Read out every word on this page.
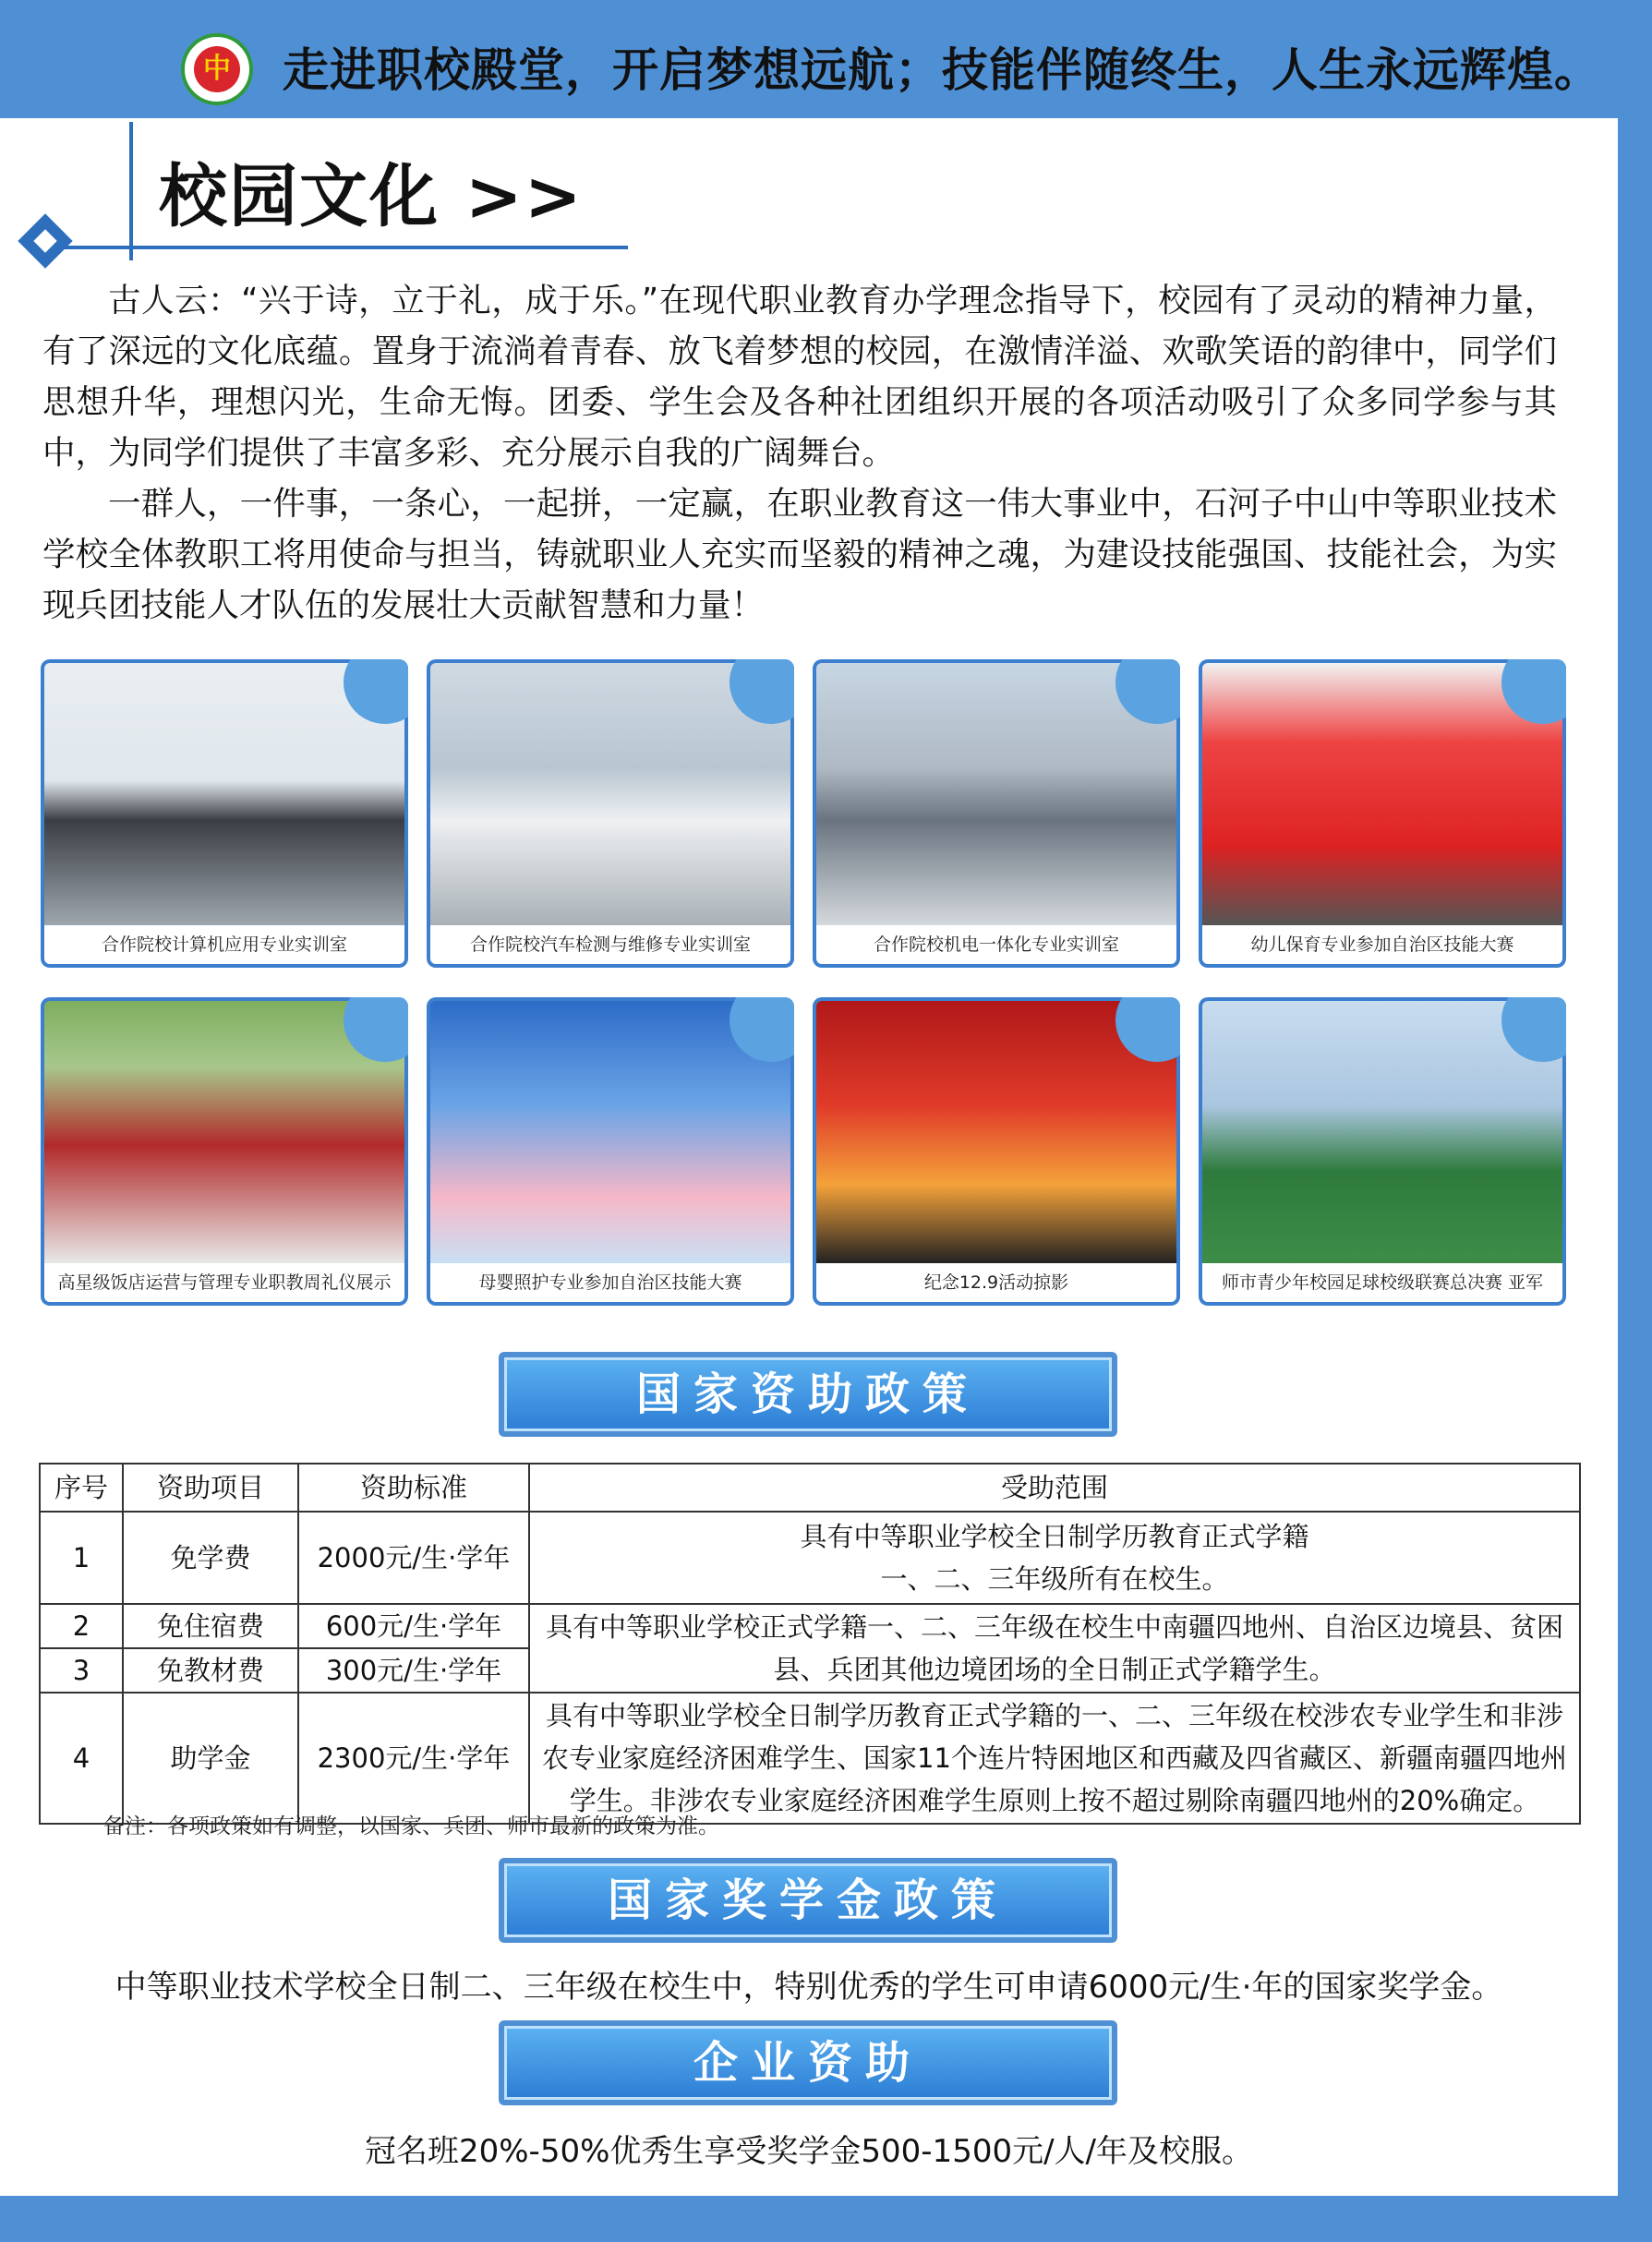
中 走进职校殿堂，开启梦想远航；技能伴随终生，人生永远辉煌。
校园文化 >>

古人云：“兴于诗，立于礼，成于乐。”在现代职业教育办学理念指导下，校园有了灵动的精神力量，有了深远的文化底蕴。置身于流淌着青春、放飞着梦想的校园，在激情洋溢、欢歌笑语的韵律中，同学们思想升华，理想闪光，生命无悔。团委、学生会及各种社团组织开展的各项活动吸引了众多同学参与其中，为同学们提供了丰富多彩、充分展示自我的广阔舞台。

一群人，一件事，一条心，一起拼，一定赢，在职业教育这一伟大事业中，石河子中山中等职业技术学校全体教职工将用使命与担当，铸就职业人充实而坚毅的精神之魂，为建设技能强国、技能社会，为实现兵团技能人才队伍的发展壮大贡献智慧和力量！

合作院校计算机应用专业实训室	合作院校汽车检测与维修专业实训室	合作院校机电一体化专业实训室	幼儿保育专业参加自治区技能大赛
高星级饭店运营与管理专业职教周礼仪展示	母婴照护专业参加自治区技能大赛	纪念12.9活动掠影	师市青少年校园足球校级联赛总决赛 亚军
国家资助政策
序号	资助项目	资助标准	受助范围
1	免学费	2000元/生·学年	具有中等职业学校全日制学历教育正式学籍一、二、三年级所有在校生。
2	免住宿费	600元/生·学年	具有中等职业学校正式学籍一、二、三年级在校生中南疆四地州、自治区边境县、贫困县、兵团其他边境团场的全日制正式学籍学生。
3	免教材费	300元/生·学年	
4	助学金	2300元/生·学年	具有中等职业学校全日制学历教育正式学籍的一、二、三年级在校涉农专业学生和非涉农专业家庭经济困难学生、国家11个连片特困地区和西藏及四省藏区、新疆南疆四地州学生。非涉农专业家庭经济困难学生原则上按不超过剔除南疆四地州的20%确定。
备注：各项政策如有调整，以国家、兵团、师市最新的政策为准。
国家奖学金政策
中等职业技术学校全日制二、三年级在校生中，特别优秀的学生可申请6000元/生·年的国家奖学金。
企业资助
冠名班20%-50%优秀生享受奖学金500-1500元/人/年及校服。
